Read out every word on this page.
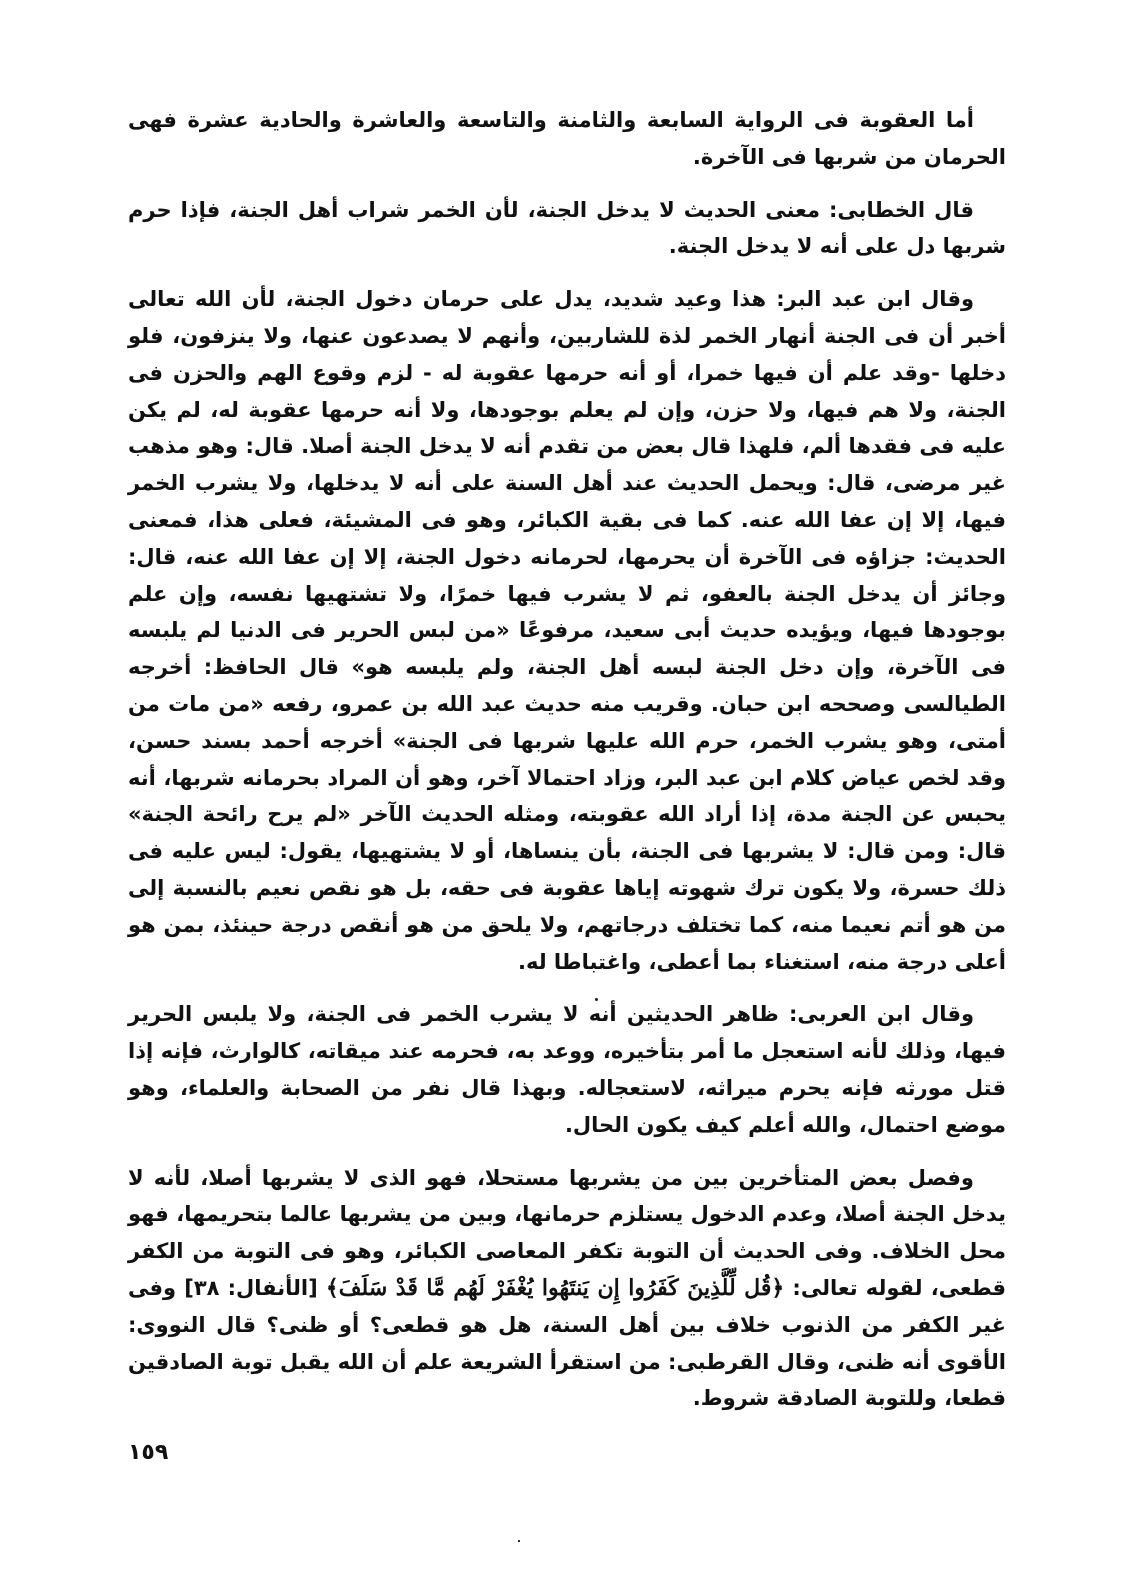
أما العقوبة فى الرواية السابعة والثامنة والتاسعة والعاشرة والحادية عشرة فهى الحرمان من شربها فى الآخرة.

قال الخطابى: معنى الحديث لا يدخل الجنة، لأن الخمر شراب أهل الجنة، فإذا حرم شربها دل على أنه لا يدخل الجنة.

وقال ابن عبد البر: هذا وعيد شديد، يدل على حرمان دخول الجنة، لأن الله تعالى أخبر أن فى الجنة أنهار الخمر لذة للشاربين، وأنهم لا يصدعون عنها، ولا ينزفون، فلو دخلها -وقد علم أن فيها خمرا، أو أنه حرمها عقوبة له - لزم وقوع الهم والحزن فى الجنة، ولا هم فيها، ولا حزن، وإن لم يعلم بوجودها، ولا أنه حرمها عقوبة له، لم يكن عليه فى فقدها ألم، فلهذا قال بعض من تقدم أنه لا يدخل الجنة أصلا. قال: وهو مذهب غير مرضى، قال: ويحمل الحديث عند أهل السنة على أنه لا يدخلها، ولا يشرب الخمر فيها، إلا إن عفا الله عنه. كما فى بقية الكبائر، وهو فى المشيئة، فعلى هذا، فمعنى الحديث: جزاؤه فى الآخرة أن يحرمها، لحرمانه دخول الجنة، إلا إن عفا الله عنه، قال: وجائز أن يدخل الجنة بالعفو، ثم لا يشرب فيها خمرًا، ولا تشتهيها نفسه، وإن علم بوجودها فيها، ويؤيده حديث أبى سعيد، مرفوعًا «من لبس الحرير فى الدنيا لم يلبسه فى الآخرة، وإن دخل الجنة لبسه أهل الجنة، ولم يلبسه هو» قال الحافظ: أخرجه الطيالسى وصححه ابن حبان. وقريب منه حديث عبد الله بن عمرو، رفعه «من مات من أمتى، وهو يشرب الخمر، حرم الله عليها شربها فى الجنة» أخرجه أحمد بسند حسن، وقد لخص عياض كلام ابن عبد البر، وزاد احتمالا آخر، وهو أن المراد بحرمانه شربها، أنه يحبس عن الجنة مدة، إذا أراد الله عقوبته، ومثله الحديث الآخر «لم يرح رائحة الجنة» قال: ومن قال: لا يشربها فى الجنة، بأن ينساها، أو لا يشتهيها، يقول: ليس عليه فى ذلك حسرة، ولا يكون ترك شهوته إياها عقوبة فى حقه، بل هو نقص نعيم بالنسبة إلى من هو أتم نعيما منه، كما تختلف درجاتهم، ولا يلحق من هو أنقص درجة حينئذ، بمن هو أعلى درجة منه، استغناء بما أعطى، واغتباطا له.

وقال ابن العربى: ظاهر الحديثين أنه لا يشرب الخمر فى الجنة، ولا يلبس الحرير فيها، وذلك لأنه استعجل ما أمر بتأخيره، ووعد به، فحرمه عند ميقاته، كالوارث، فإنه إذا قتل مورثه فإنه يحرم ميراثه، لاستعجاله. وبهذا قال نفر من الصحابة والعلماء، وهو موضع احتمال، والله أعلم كيف يكون الحال.

وفصل بعض المتأخرين بين من يشربها مستحلا، فهو الذى لا يشربها أصلا، لأنه لا يدخل الجنة أصلا، وعدم الدخول يستلزم حرمانها، وبين من يشربها عالما بتحريمها، فهو محل الخلاف. وفى الحديث أن التوبة تكفر المعاصى الكبائر، وهو فى التوبة من الكفر قطعى، لقوله تعالى: ﴿قُل لِّلَّذِينَ كَفَرُوا إِن يَنتَهُوا يُغْفَرْ لَهُم مَّا قَدْ سَلَفَ﴾ [الأنفال: ٣٨] وفى غير الكفر من الذنوب خلاف بين أهل السنة، هل هو قطعى؟ أو ظنى؟ قال النووى: الأقوى أنه ظنى، وقال القرطبى: من استقرأ الشريعة علم أن الله يقبل توبة الصادقين قطعا، وللتوبة الصادقة شروط.

١٥٩
